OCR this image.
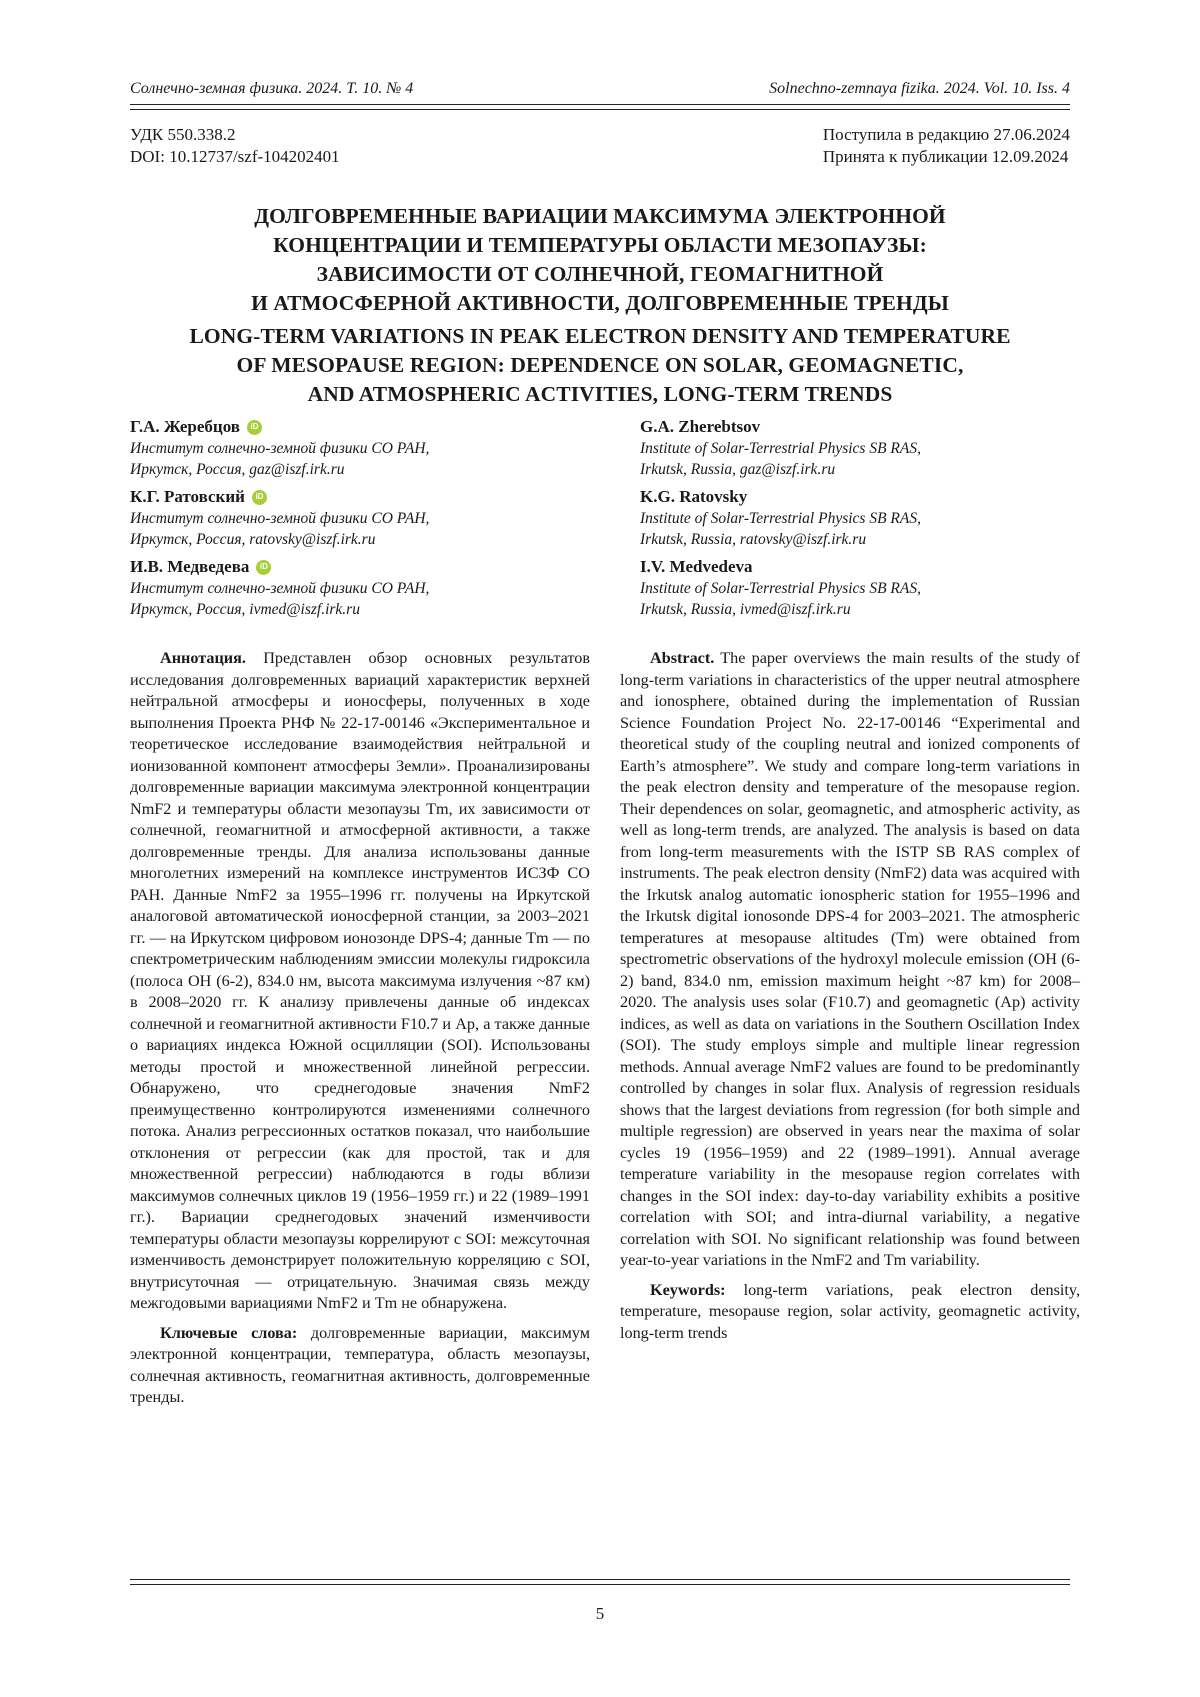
Солнечно-земная физика. 2024. Т. 10. № 4	Solnechno-zemnaya fizika. 2024. Vol. 10. Iss. 4
УДК 550.338.2
DOI: 10.12737/szf-104202401
Поступила в редакцию 27.06.2024
Принята к публикации 12.09.2024
ДОЛГОВРЕМЕННЫЕ ВАРИАЦИИ МАКСИМУМА ЭЛЕКТРОННОЙ
КОНЦЕНТРАЦИИ И ТЕМПЕРАТУРЫ ОБЛАСТИ МЕЗОПАУЗЫ:
ЗАВИСИМОСТИ ОТ СОЛНЕЧНОЙ, ГЕОМАГНИТНОЙ
И АТМОСФЕРНОЙ АКТИВНОСТИ, ДОЛГОВРЕМЕННЫЕ ТРЕНДЫ
LONG-TERM VARIATIONS IN PEAK ELECTRON DENSITY AND TEMPERATURE
OF MESOPAUSE REGION: DEPENDENCE ON SOLAR, GEOMAGNETIC,
AND ATMOSPHERIC ACTIVITIES, LONG-TERM TRENDS
Г.А. Жеребцов	iD
Институт солнечно-земной физики СО РАН,
Иркутск, Россия, gaz@iszf.irk.ru
К.Г. Ратовский	iD
Институт солнечно-земной физики СО РАН,
Иркутск, Россия, ratovsky@iszf.irk.ru
И.В. Медведева	iD
Институт солнечно-земной физики СО РАН,
Иркутск, Россия, ivmed@iszf.irk.ru
G.A. Zherebtsov
Institute of Solar-Terrestrial Physics SB RAS,
Irkutsk, Russia, gaz@iszf.irk.ru
K.G. Ratovsky
Institute of Solar-Terrestrial Physics SB RAS,
Irkutsk, Russia, ratovsky@iszf.irk.ru
I.V. Medvedeva
Institute of Solar-Terrestrial Physics SB RAS,
Irkutsk, Russia, ivmed@iszf.irk.ru

Аннотация. Представлен обзор основных результатов исследования долговременных вариаций характеристик верхней нейтральной атмосферы и ионосферы, полученных в ходе выполнения Проекта РНФ № 22-17-00146 «Экспериментальное и теоретическое исследование взаимодействия нейтральной и ионизованной компонент атмосферы Земли». Проанализированы долговременные вариации максимума электронной концентрации NmF2 и температуры области мезопаузы Tm, их зависимости от солнечной, геомагнитной и атмосферной активности, а также долговременные тренды. Для анализа использованы данные многолетних измерений на комплексе инструментов ИСЗФ СО РАН. Данные NmF2 за 1955–1996 гг. получены на Иркутской аналоговой автоматической ионосферной станции, за 2003–2021 гг. — на Иркутском цифровом ионозонде DPS-4; данные Tm — по спектрометрическим наблюдениям эмиссии молекулы гидроксила (полоса OH (6-2), 834.0 нм, высота максимума излучения ~87 км) в 2008–2020 гг. К анализу привлечены данные об индексах солнечной и геомагнитной активности F10.7 и Ap, а также данные о вариациях индекса Южной осцилляции (SOI). Использованы методы простой и множественной линейной регрессии. Обнаружено, что среднегодовые значения NmF2 преимущественно контролируются изменениями солнечного потока. Анализ регрессионных остатков показал, что наибольшие отклонения от регрессии (как для простой, так и для множественной регрессии) наблюдаются в годы вблизи максимумов солнечных циклов 19 (1956–1959 гг.) и 22 (1989–1991 гг.). Вариации среднегодовых значений изменчивости температуры области мезопаузы коррелируют с SOI: межсуточная изменчивость демонстрирует положительную корреляцию с SOI, внутрисуточная — отрицательную. Значимая связь между межгодовыми вариациями NmF2 и Tm не обнаружена.

Ключевые слова: долговременные вариации, максимум электронной концентрации, температура, область мезопаузы, солнечная активность, геомагнитная активность, долговременные тренды.

Abstract. The paper overviews the main results of the study of long-term variations in characteristics of the upper neutral atmosphere and ionosphere, obtained during the implementation of Russian Science Foundation Project No. 22-17-00146 “Experimental and theoretical study of the coupling neutral and ionized components of Earth’s atmosphere”. We study and compare long-term variations in the peak electron density and temperature of the mesopause region. Their dependences on solar, geomagnetic, and atmospheric activity, as well as long-term trends, are analyzed. The analysis is based on data from long-term measurements with the ISTP SB RAS complex of instruments. The peak electron density (NmF2) data was acquired with the Irkutsk analog automatic ionospheric station for 1955–1996 and the Irkutsk digital ionosonde DPS-4 for 2003–2021. The atmospheric temperatures at mesopause altitudes (Tm) were obtained from spectrometric observations of the hydroxyl molecule emission (OH (6-2) band, 834.0 nm, emission maximum height ~87 km) for 2008–2020. The analysis uses solar (F10.7) and geomagnetic (Ap) activity indices, as well as data on variations in the Southern Oscillation Index (SOI). The study employs simple and multiple linear regression methods. Annual average NmF2 values are found to be predominantly controlled by changes in solar flux. Analysis of regression residuals shows that the largest deviations from regression (for both simple and multiple regression) are observed in years near the maxima of solar cycles 19 (1956–1959) and 22 (1989–1991). Annual average temperature variability in the mesopause region correlates with changes in the SOI index: day-to-day variability exhibits a positive correlation with SOI; and intra-diurnal variability, a negative correlation with SOI. No significant relationship was found between year-to-year variations in the NmF2 and Tm variability.

Keywords: long-term variations, peak electron density, temperature, mesopause region, solar activity, geomagnetic activity, long-term trends

5
